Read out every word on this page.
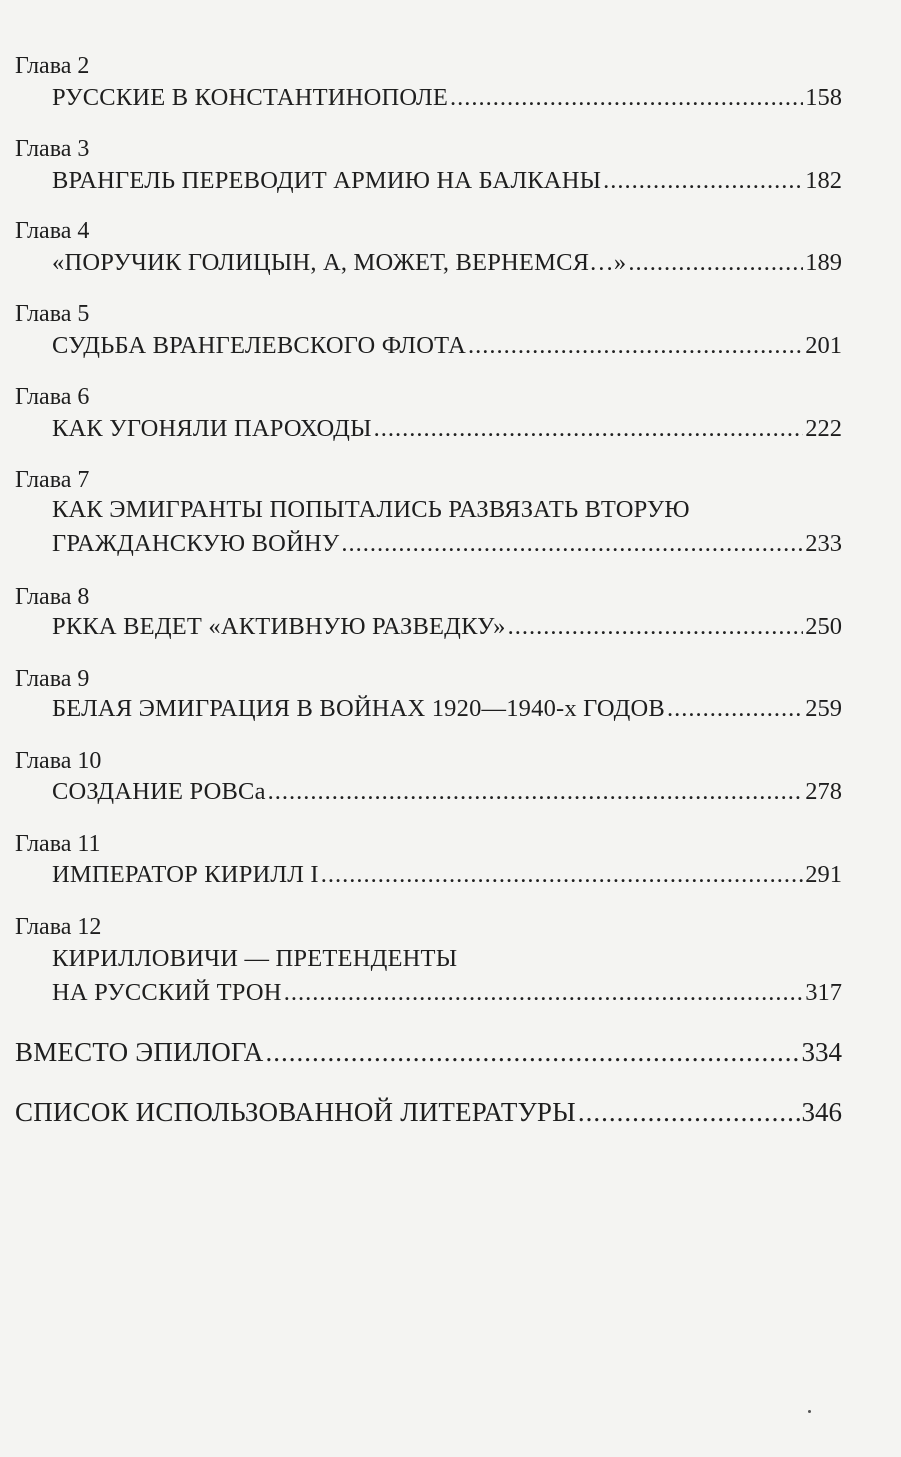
Глава 2
РУССКИЕ В КОНСТАНТИНОПОЛЕ .....	158
Глава 3
ВРАНГЕЛЬ ПЕРЕВОДИТ АРМИЮ НА БАЛКАНЫ .....	182
Глава 4
«ПОРУЧИК ГОЛИЦЫН, А, МОЖЕТ, ВЕРНЕМСЯ…» .....	189
Глава 5
СУДЬБА ВРАНГЕЛЕВСКОГО ФЛОТА .....	201
Глава 6
КАК УГОНЯЛИ ПАРОХОДЫ .....	222
Глава 7
КАК ЭМИГРАНТЫ ПОПЫТАЛИСЬ РАЗВЯЗАТЬ ВТОРУЮ
ГРАЖДАНСКУЮ ВОЙНУ .....	233
Глава 8
РККА ВЕДЕТ «АКТИВНУЮ РАЗВЕДКУ» .....	250
Глава 9
БЕЛАЯ ЭМИГРАЦИЯ В ВОЙНАХ 1920—1940-х ГОДОВ .....	259
Глава 10
СОЗДАНИЕ РОВСа .....	278
Глава 11
ИМПЕРАТОР КИРИЛЛ I .....	291
Глава 12
КИРИЛЛОВИЧИ — ПРЕТЕНДЕНТЫ
НА РУССКИЙ ТРОН .....	317
ВМЕСТО ЭПИЛОГА .....	334
СПИСОК ИСПОЛЬЗОВАННОЙ ЛИТЕРАТУРЫ .....	346
